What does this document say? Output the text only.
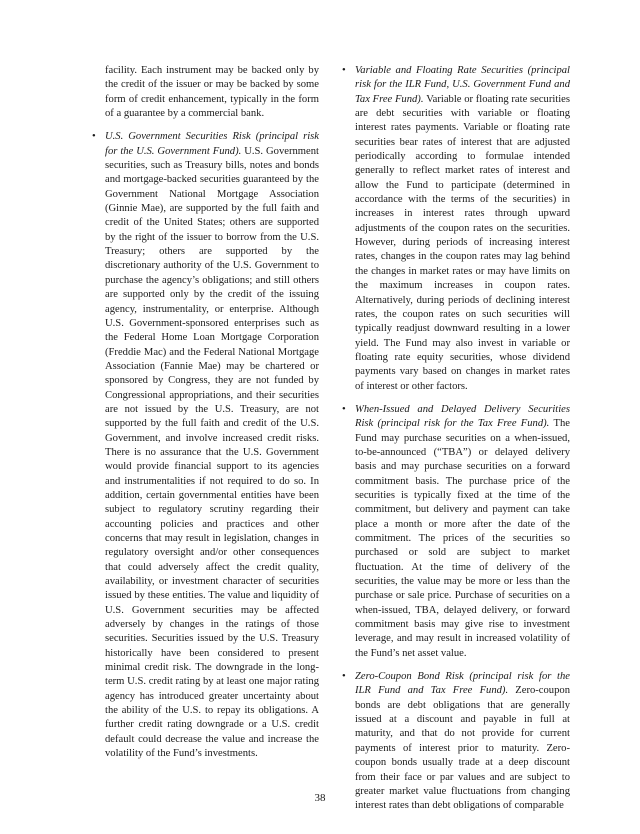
facility. Each instrument may be backed only by the credit of the issuer or may be backed by some form of credit enhancement, typically in the form of a guarantee by a commercial bank.

• U.S. Government Securities Risk (principal risk for the U.S. Government Fund). U.S. Government securities, such as Treasury bills, notes and bonds and mortgage-backed securities guaranteed by the Government National Mortgage Association (Ginnie Mae), are supported by the full faith and credit of the United States; others are supported by the right of the issuer to borrow from the U.S. Treasury; others are supported by the discretionary authority of the U.S. Government to purchase the agency’s obligations; and still others are supported only by the credit of the issuing agency, instrumentality, or enterprise. Although U.S. Government-sponsored enterprises such as the Federal Home Loan Mortgage Corporation (Freddie Mac) and the Federal National Mortgage Association (Fannie Mae) may be chartered or sponsored by Congress, they are not funded by Congressional appropriations, and their securities are not issued by the U.S. Treasury, are not supported by the full faith and credit of the U.S. Government, and involve increased credit risks. There is no assurance that the U.S. Government would provide financial support to its agencies and instrumentalities if not required to do so. In addition, certain governmental entities have been subject to regulatory scrutiny regarding their accounting policies and practices and other concerns that may result in legislation, changes in regulatory oversight and/or other consequences that could adversely affect the credit quality, availability, or investment character of securities issued by these entities. The value and liquidity of U.S. Government securities may be affected adversely by changes in the ratings of those securities. Securities issued by the U.S. Treasury historically have been considered to present minimal credit risk. The downgrade in the long-term U.S. credit rating by at least one major rating agency has introduced greater uncertainty about the ability of the U.S. to repay its obligations. A further credit rating downgrade or a U.S. credit default could decrease the value and increase the volatility of the Fund’s investments.
• Variable and Floating Rate Securities (principal risk for the ILR Fund, U.S. Government Fund and Tax Free Fund). Variable or floating rate securities are debt securities with variable or floating interest rates payments. Variable or floating rate securities bear rates of interest that are adjusted periodically according to formulae intended generally to reflect market rates of interest and allow the Fund to participate (determined in accordance with the terms of the securities) in increases in interest rates through upward adjustments of the coupon rates on the securities. However, during periods of increasing interest rates, changes in the coupon rates may lag behind the changes in market rates or may have limits on the maximum increases in coupon rates. Alternatively, during periods of declining interest rates, the coupon rates on such securities will typically readjust downward resulting in a lower yield. The Fund may also invest in variable or floating rate equity securities, whose dividend payments vary based on changes in market rates of interest or other factors.
• When-Issued and Delayed Delivery Securities Risk (principal risk for the Tax Free Fund). The Fund may purchase securities on a when-issued, to-be-announced (“TBA”) or delayed delivery basis and may purchase securities on a forward commitment basis. The purchase price of the securities is typically fixed at the time of the commitment, but delivery and payment can take place a month or more after the date of the commitment. The prices of the securities so purchased or sold are subject to market fluctuation. At the time of delivery of the securities, the value may be more or less than the purchase or sale price. Purchase of securities on a when-issued, TBA, delayed delivery, or forward commitment basis may give rise to investment leverage, and may result in increased volatility of the Fund’s net asset value.
• Zero-Coupon Bond Risk (principal risk for the ILR Fund and Tax Free Fund). Zero-coupon bonds are debt obligations that are generally issued at a discount and payable in full at maturity, and that do not provide for current payments of interest prior to maturity. Zero-coupon bonds usually trade at a deep discount from their face or par values and are subject to greater market value fluctuations from changing interest rates than debt obligations of comparable
38
